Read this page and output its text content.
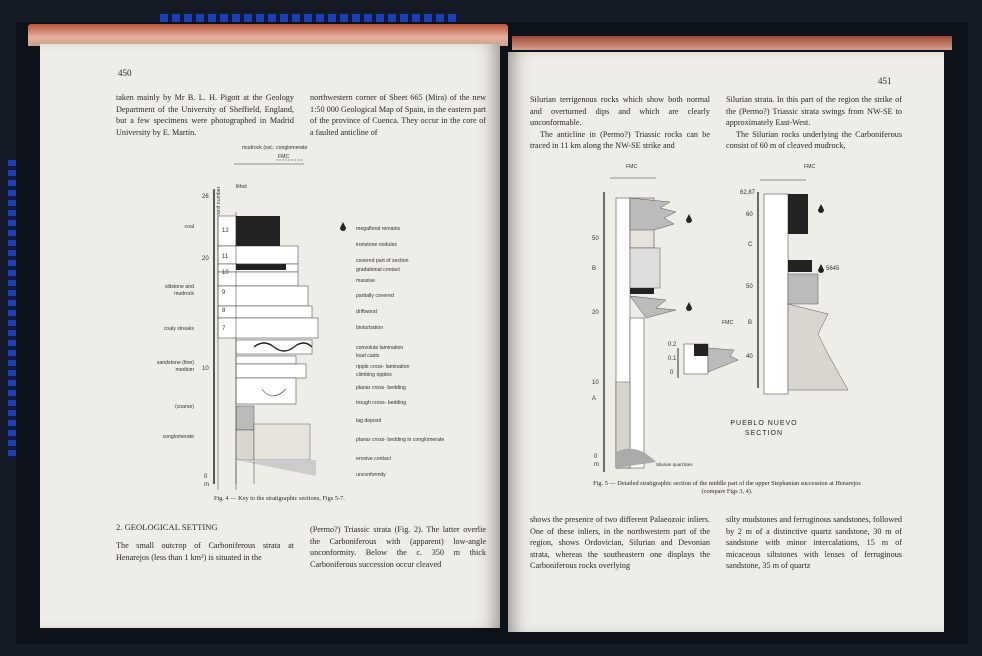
450

taken mainly by Mr B. L. H. Pigott at the Geology Department of the University of Sheffield, England, but a few specimens were photographed in Madrid University by E. Martín.

northwestern corner of Sheet 665 (Mira) of the new 1:50 000 Geological Map of Spain, in the eastern part of the province of Cuenca. They occur in the core of a faulted anticline of

mudrock (sst.: conglomerate
FMC
lithol
unit number
26
20
10
0
m
12
11
10
9
8
7
coal
siltstone and mudrock
coaly streaks
sandstone (fine) medium
(coarse)
conglomerate
megafloral remains
ironstone nodules
covered part of section
gradational contact
massive
partially covered
driftwood
bioturbation
convolute lamination
load casts
ripple cross- lamination
climbing ripples
planar cross- bedding
trough cross- bedding
lag deposit
planar cross- bedding in conglomerate
erosive contact
unconformity
Fig. 4 — Key to the stratigraphic sections, Figs 5-7.
2. GEOLOGICAL SETTING

The small outcrop of Carboniferous strata at Henarejos (less than 1 km²) is situated in the

(Permo?) Triassic strata (Fig. 2). The latter overlie the Carboniferous with (apparent) low-angle unconformity. Below the c. 350 m thick Carboniferous succession occur cleaved

451

Silurian terrigenous rocks which show both normal and overturned dips and which are clearly unconformable.

The anticline in (Permo?) Triassic rocks can be traced in 11 km along the NW-SE strike and

Silurian strata. In this part of the region the strike of the (Permo?) Triassic strata swings from NW-SE to approximately East-West.

The Silurian rocks underlying the Carboniferous consist of 60 m of cleaved mudrock,

FMC
FMC
FMC
50
20
10
0
m
B
A
0.2
0.1
0
62,87
60
50
40
C
B
5645
Silurian quartzites
PUEBLO NUEVO
SECTION
Fig. 5 — Detailed stratigraphic section of the middle part of the upper Stephanian succession at Henarejos (compare Figs 3, 4).

shows the presence of two different Palaeozoic inliers. One of these inliers, in the northwestern part of the region, shows Ordovician, Silurian and Devonian strata, whereas the southeastern one displays the Carboniferous rocks overlying

silty mudstones and ferruginous sandstones, followed by 2 m of a distinctive quartz sandstone, 30 m of sandstone with minor intercalations, 15 m of micaceous siltstones with lenses of ferruginous sandstone, 35 m of quartz
